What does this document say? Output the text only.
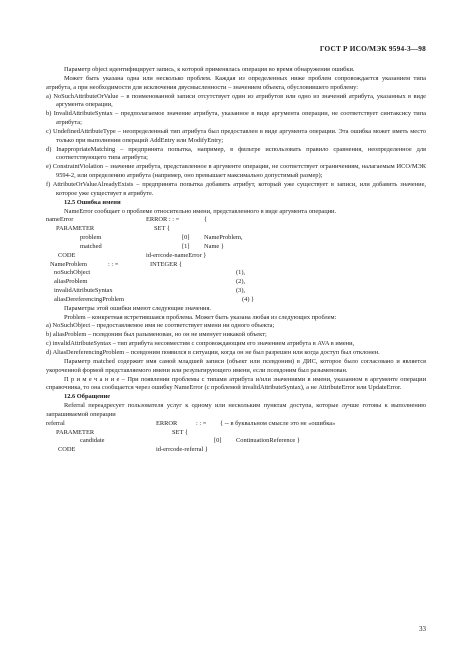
ГОСТ Р ИСО/МЭК 9594-3—98

Параметр object идентифицирует запись, к которой применялась операция во время обнаружения ошибки.

Может быть указана одна или несколько проблем. Каждая из определенных ниже проблем сопровождается указанием типа атрибута, а при необходимости для исключения двусмысленности – значением объекта, обусловившего проблему:

a) NoSuchAttributeOrValue – в поименованной записи отсутствует один из атрибутов или одно из значений атрибута, указанных в виде аргумента операции,

b) InvalidAttributeSyntax – предполагаемое значение атрибута, указанное в виде аргумента операции, не соответствует синтаксису типа атрибута;

c) UndefinedAttributeType – неопределенный тип атрибута был предоставлен в виде аргумента операции. Эта ошибка может иметь место только при выполнении операций AddEntry или ModifyEntry;

d) InappropriateMatching – предпринята попытка, например, в фильтре использовать правило сравнения, неопределенное для соответствующего типа атрибута;

e) ConstraintViolation – значение атрибута, представленное в аргументе операции, не соответствует ограничениям, налагаемым ИСО/МЭК 9594-2, или определению атрибута (например, оно превышает максимально допустимый размер);

f) AttributeOrValueAlreadyExists – предпринята попытка добавить атрибут, который уже существует в записи, или добавить значение, которое уже существует в атрибуте.

12.5 Ошибка имени

NameError сообщает о проблеме относительно имени, представленного в виде аргумента операции.

nameError	ERROR : : =	{
PARAMETER	SET {
problem	[0] NameProblem,
matched	[1] Name }
CODE	id-errcode-nameError }
NameProblem	: : =	INTEGER {
noSuchObject	(1),
aliasProblem	(2),
invalidAttributeSyntax	(3),
aliasDereferencingProblem	(4) }

Параметры этой ошибки имеют следующие значения.

Problem – конкретная встретившаяся проблема. Может быть указана любая из следующих проблем:

a) NoSuchObject – предоставляемое имя не соответствует имени ни одного объекта;

b) aliasProblem – псевдоним был разыменован, но он не именует никакой объект;

c) invalidAttributeSyntax – тип атрибута несовместим с сопровождающим его значением атрибута в AVA в имени,

d) AliasDereferencingProblem – псевдоним появился в ситуации, когда он не был разрешен или когда доступ был отклонен.

Параметр matched содержит имя самой младшей записи (объект или псевдоним) в ДИС, которое было согласовано и является укороченной формой представляемого имени или результирующего имени, если псевдоним был разыменован.

П р и м е ч а н и е – При появлении проблемы с типами атрибута и/или значениями в имени, указанном в аргументе операции справочника, то она сообщается через ошибку NameError (с проблемой invalidAttributeSyntax), а не AttributeError или UpdateError.

12.6 Обращение

Referral переадресует пользователя услуг к одному или нескольким пунктам доступа, которые лучше готовы к выполнению запрашиваемой операции

referral	ERROR	: : = { -- в буквальном смысле это не «ошибка»
PARAMETER	SET {
candidate	[0] ContinuationReference }
CODE	id-errcode-referral }
33
